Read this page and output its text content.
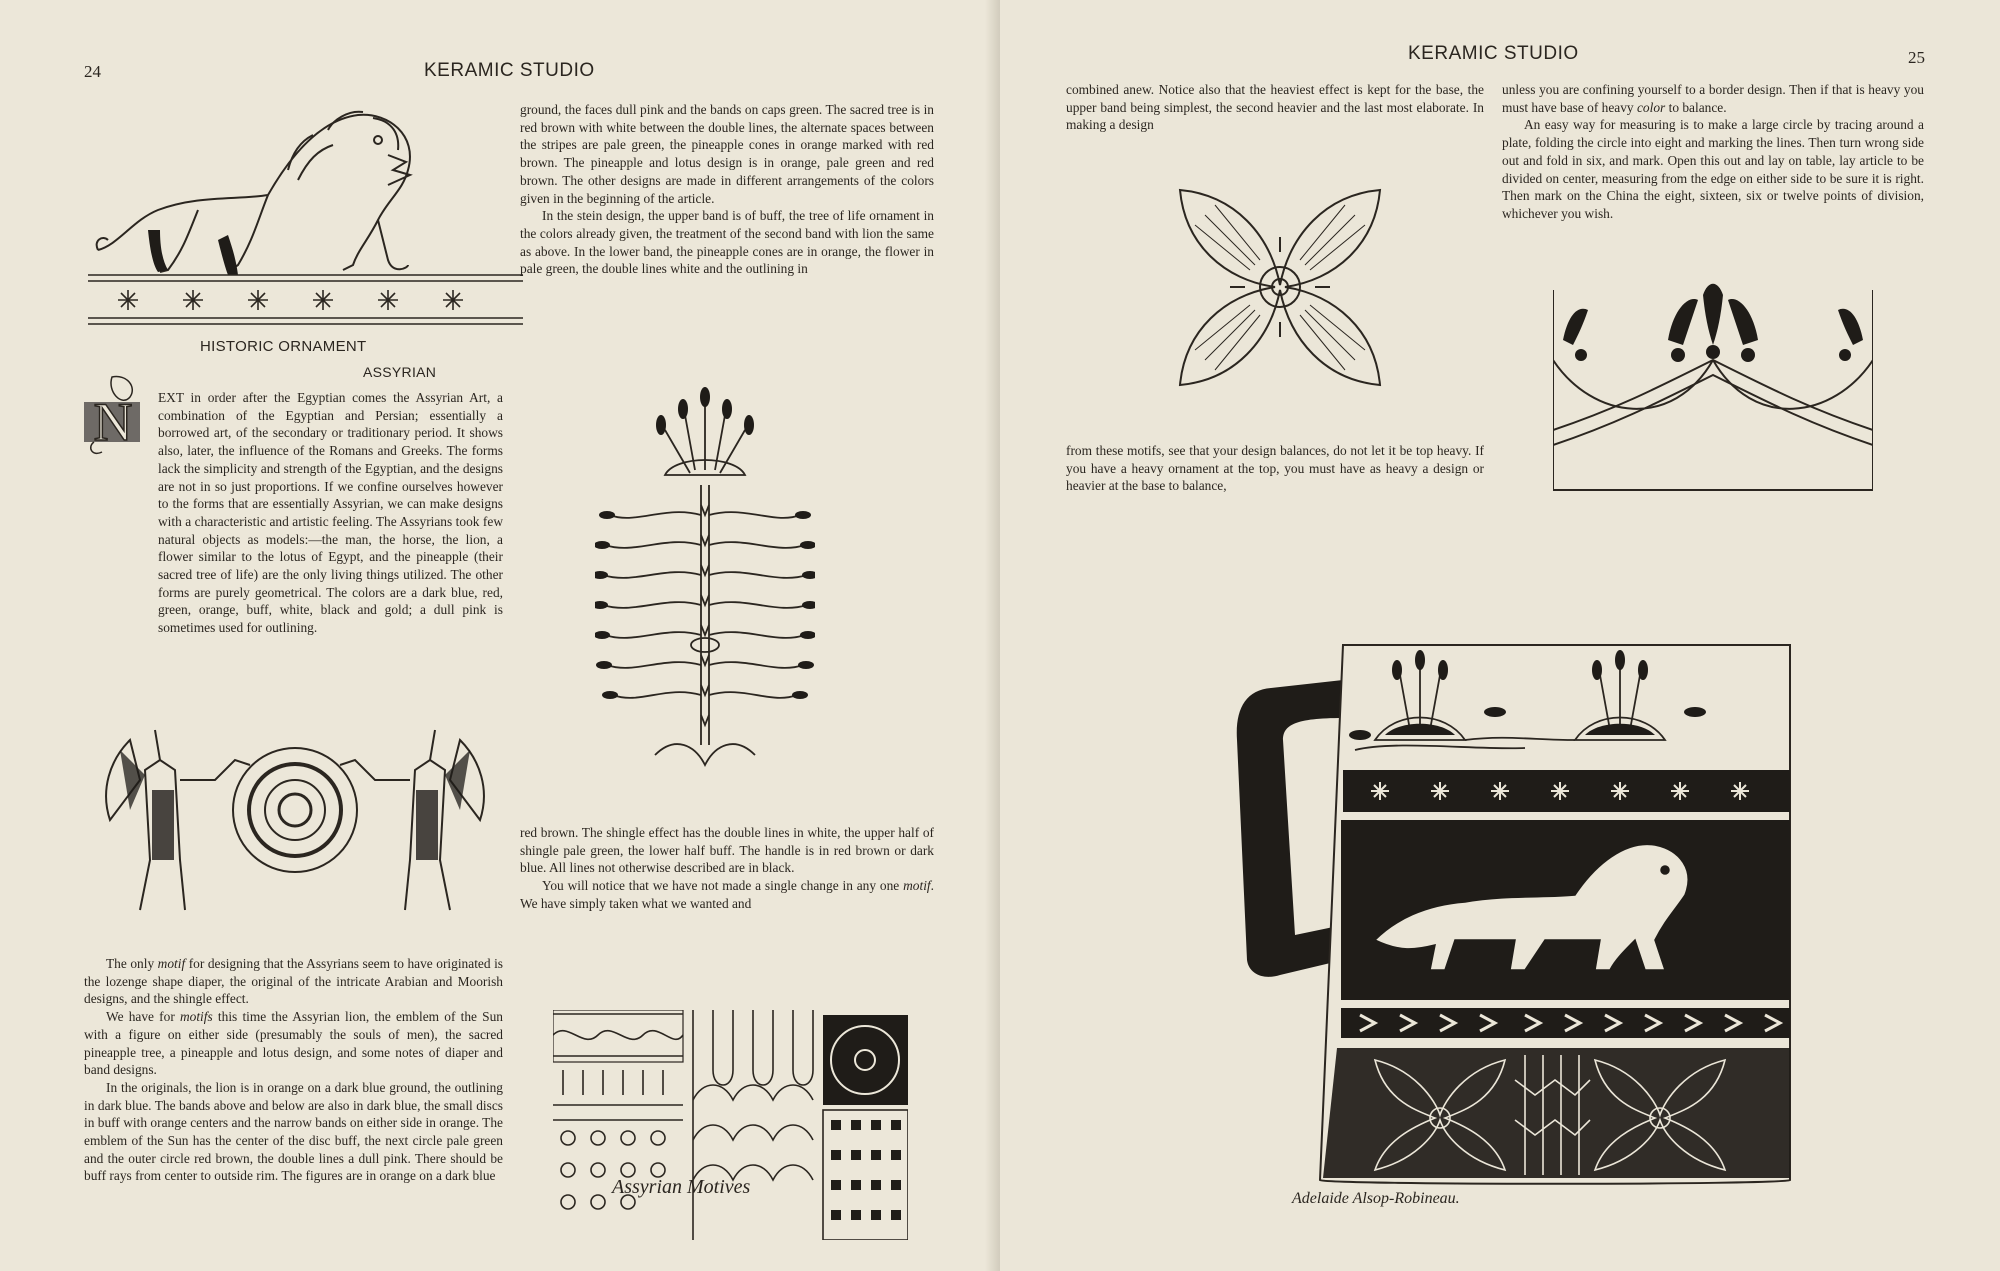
24	KERAMIC STUDIO
HISTORIC ORNAMENT
ASSYRIAN
N	EXT in order after the Egyptian comes the Assyrian Art, a combination of the Egyptian and Persian; essentially a borrowed art, of the secondary or traditionary period. It shows also, later, the influence of the Romans and Greeks. The forms lack the simplicity and strength of the Egyptian, and the designs are not in so just proportions. If we confine ourselves however to the forms that are essentially Assyrian, we can make designs with a characteristic and artistic feeling. The Assyrians took few natural objects as models:—the man, the horse, the lion, a flower similar to the lotus of Egypt, and the pineapple (their sacred tree of life) are the only living things utilized. The other forms are purely geometrical. The colors are a dark blue, red, green, orange, buff, white, black and gold; a dull pink is sometimes used for outlining.

The only motif for designing that the Assyrians seem to have originated is the lozenge shape diaper, the original of the intricate Arabian and Moorish designs, and the shingle effect.

We have for motifs this time the Assyrian lion, the emblem of the Sun with a figure on either side (presumably the souls of men), the sacred pineapple tree, a pineapple and lotus design, and some notes of diaper and band designs.

In the originals, the lion is in orange on a dark blue ground, the outlining in dark blue. The bands above and below are also in dark blue, the small discs in buff with orange centers and the narrow bands on either side in orange. The emblem of the Sun has the center of the disc buff, the next circle pale green and the outer circle red brown, the double lines a dull pink. There should be buff rays from center to outside rim. The figures are in orange on a dark blue

ground, the faces dull pink and the bands on caps green. The sacred tree is in red brown with white between the double lines, the alternate spaces between the stripes are pale green, the pineapple cones in orange marked with red brown. The pineapple and lotus design is in orange, pale green and red brown. The other designs are made in different arrangements of the colors given in the beginning of the article.

In the stein design, the upper band is of buff, the tree of life ornament in the colors already given, the treatment of the second band with lion the same as above. In the lower band, the pineapple cones are in orange, the flower in pale green, the double lines white and the outlining in

red brown. The shingle effect has the double lines in white, the upper half of shingle pale green, the lower half buff. The handle is in red brown or dark blue. All lines not otherwise described are in black.

You will notice that we have not made a single change in any one motif. We have simply taken what we wanted and

Assyrian Motives
KERAMIC STUDIO	25

combined anew. Notice also that the heaviest effect is kept for the base, the upper band being simplest, the second heavier and the last most elaborate. In making a design

from these motifs, see that your design balances, do not let it be top heavy. If you have a heavy ornament at the top, you must have as heavy a design or heavier at the base to balance,

unless you are confining yourself to a border design. Then if that is heavy you must have base of heavy color to balance.

An easy way for measuring is to make a large circle by tracing around a plate, folding the circle into eight and marking the lines. Then turn wrong side out and fold in six, and mark. Open this out and lay on table, lay article to be divided on center, measuring from the edge on either side to be sure it is right. Then mark on the China the eight, sixteen, six or twelve points of division, whichever you wish.

Adelaide Alsop-Robineau.
